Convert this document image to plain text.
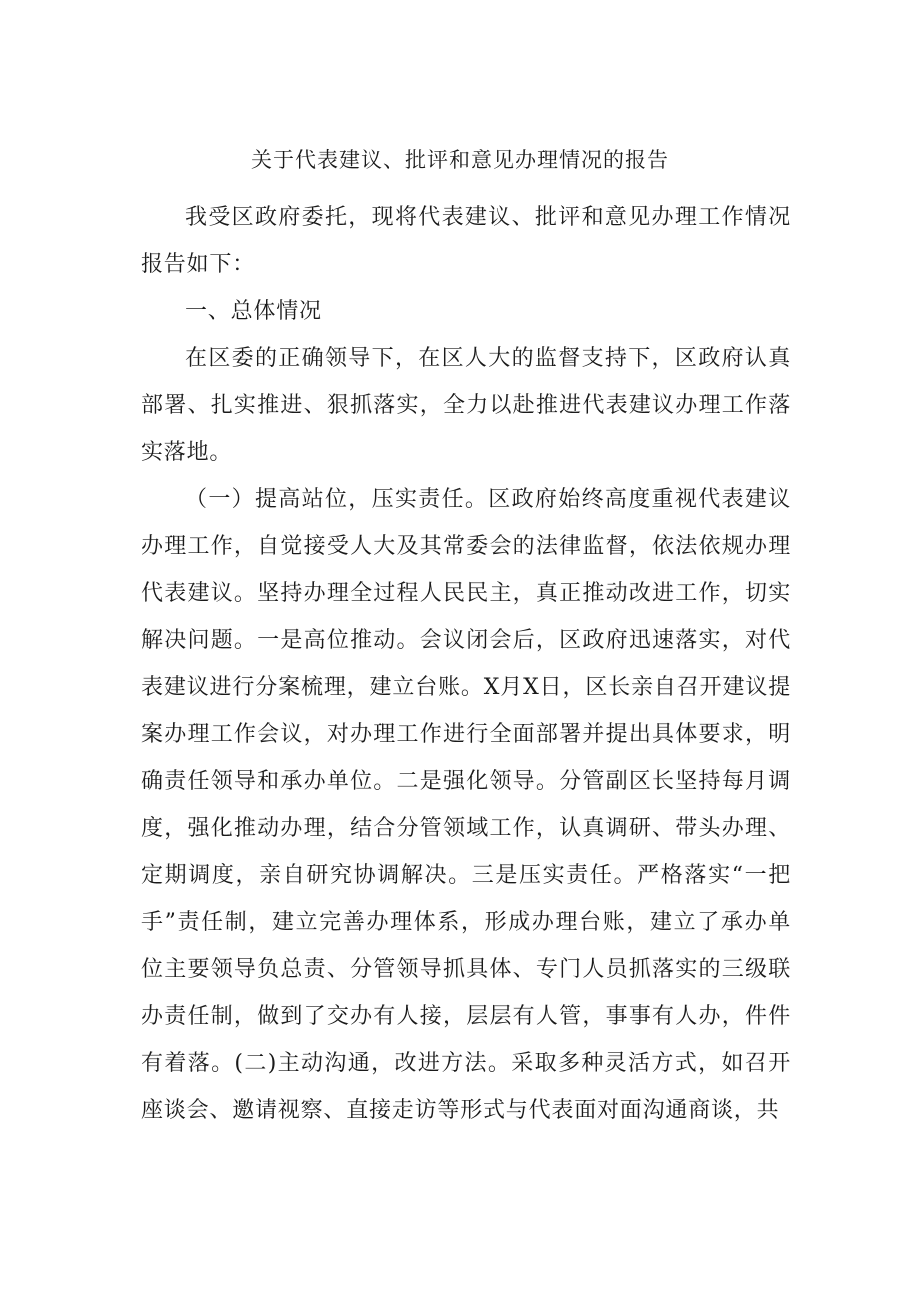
关于代表建议、批评和意见办理情况的报告

我受区政府委托，现将代表建议、批评和意见办理工作情况报告如下：

一、总体情况

在区委的正确领导下，在区人大的监督支持下，区政府认真部署、扎实推进、狠抓落实，全力以赴推进代表建议办理工作落实落地。

（一）提高站位，压实责任。区政府始终高度重视代表建议办理工作，自觉接受人大及其常委会的法律监督，依法依规办理代表建议。坚持办理全过程人民民主，真正推动改进工作，切实解决问题。一是高位推动。会议闭会后，区政府迅速落实，对代表建议进行分案梳理，建立台账。X月X日，区长亲自召开建议提案办理工作会议，对办理工作进行全面部署并提出具体要求，明确责任领导和承办单位。二是强化领导。分管副区长坚持每月调度，强化推动办理，结合分管领域工作，认真调研、带头办理、定期调度，亲自研究协调解决。三是压实责任。严格落实“一把手”责任制，建立完善办理体系，形成办理台账，建立了承办单位主要领导负总责、分管领导抓具体、专门人员抓落实的三级联办责任制，做到了交办有人接，层层有人管，事事有人办，件件有着落。(二)主动沟通，改进方法。采取多种灵活方式，如召开座谈会、邀请视察、直接走访等形式与代表面对面沟通商谈，共
